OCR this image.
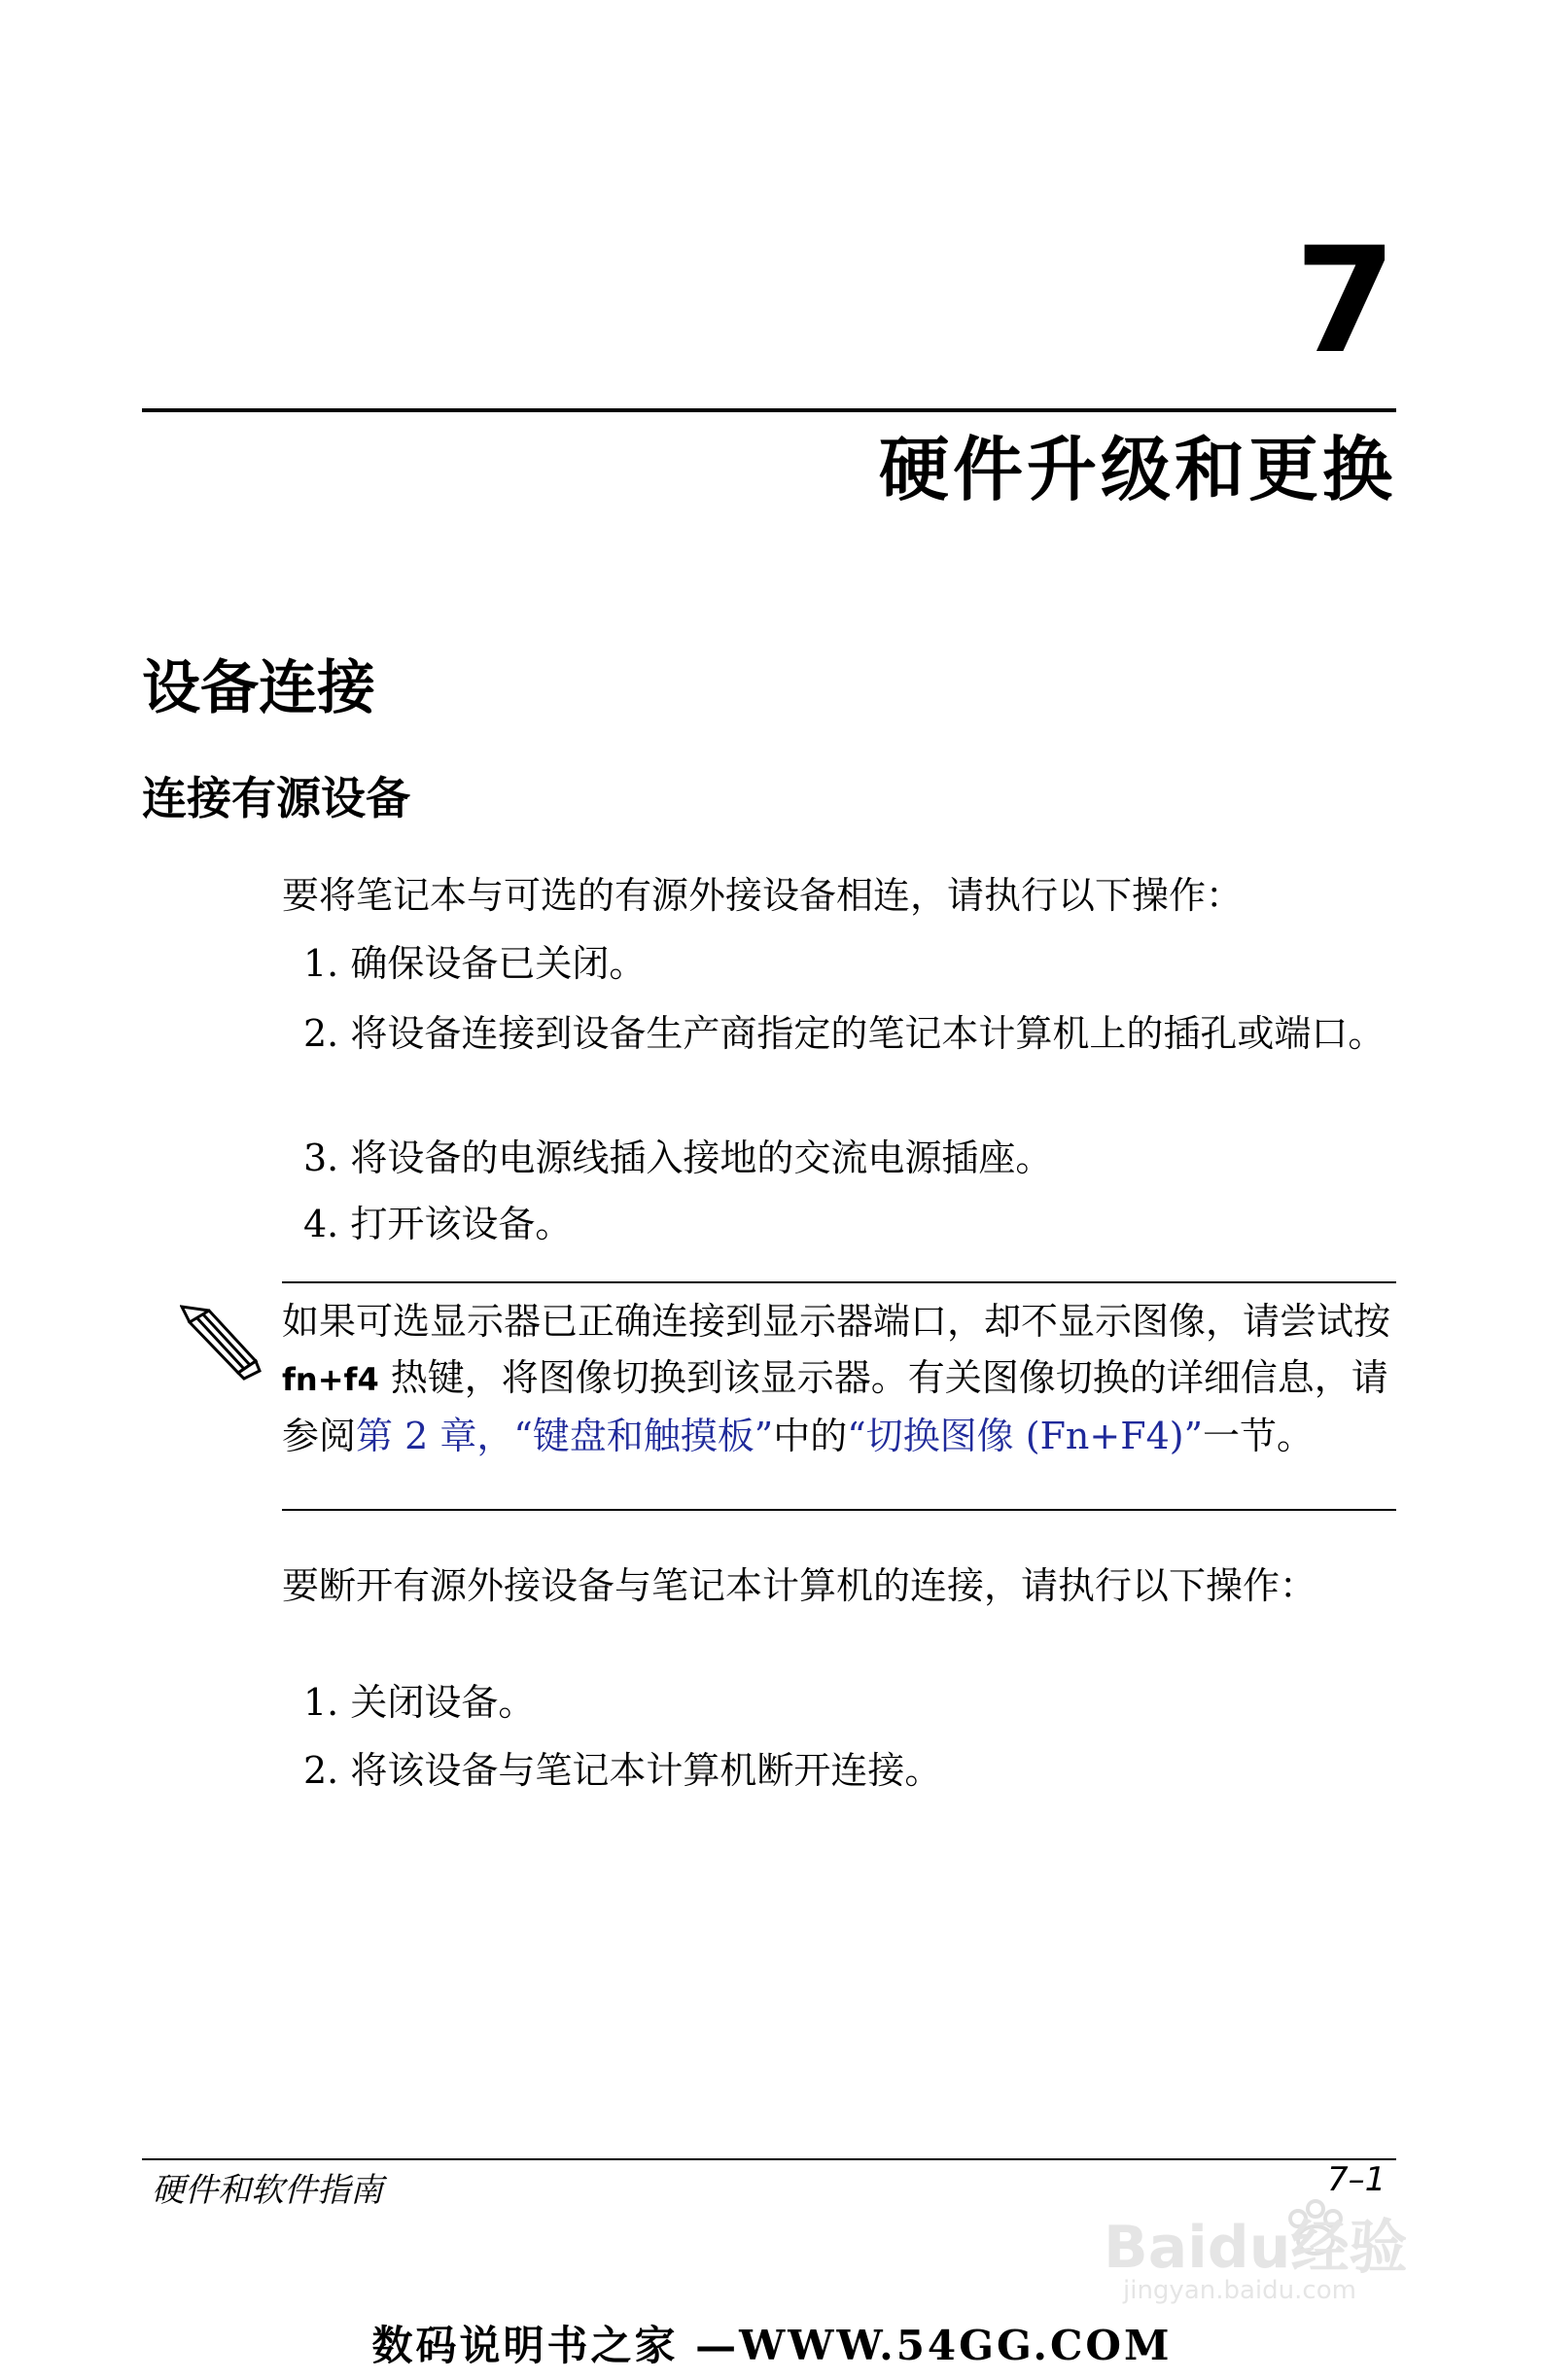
7
硬件升级和更换
设备连接
连接有源设备
要将笔记本与可选的有源外接设备相连，请执行以下操作：
1. 确保设备已关闭。
2. 将设备连接到设备生产商指定的笔记本计算机上的插孔或端口。
3. 将设备的电源线插入接地的交流电源插座。
4. 打开该设备。
如果可选显示器已正确连接到显示器端口，却不显示图像，请尝试按 fn+f4 热键，将图像切换到该显示器。有关图像切换的详细信息，请参阅第 2 章，“键盘和触摸板”中的“切换图像 (Fn+F4)”一节。
要断开有源外接设备与笔记本计算机的连接，请执行以下操作：
1. 关闭设备。
2. 将该设备与笔记本计算机断开连接。
硬件和软件指南	7–1
Baidu经验
jingyan.baidu.com
数码说明书之家 —WWW.54GG.COM
